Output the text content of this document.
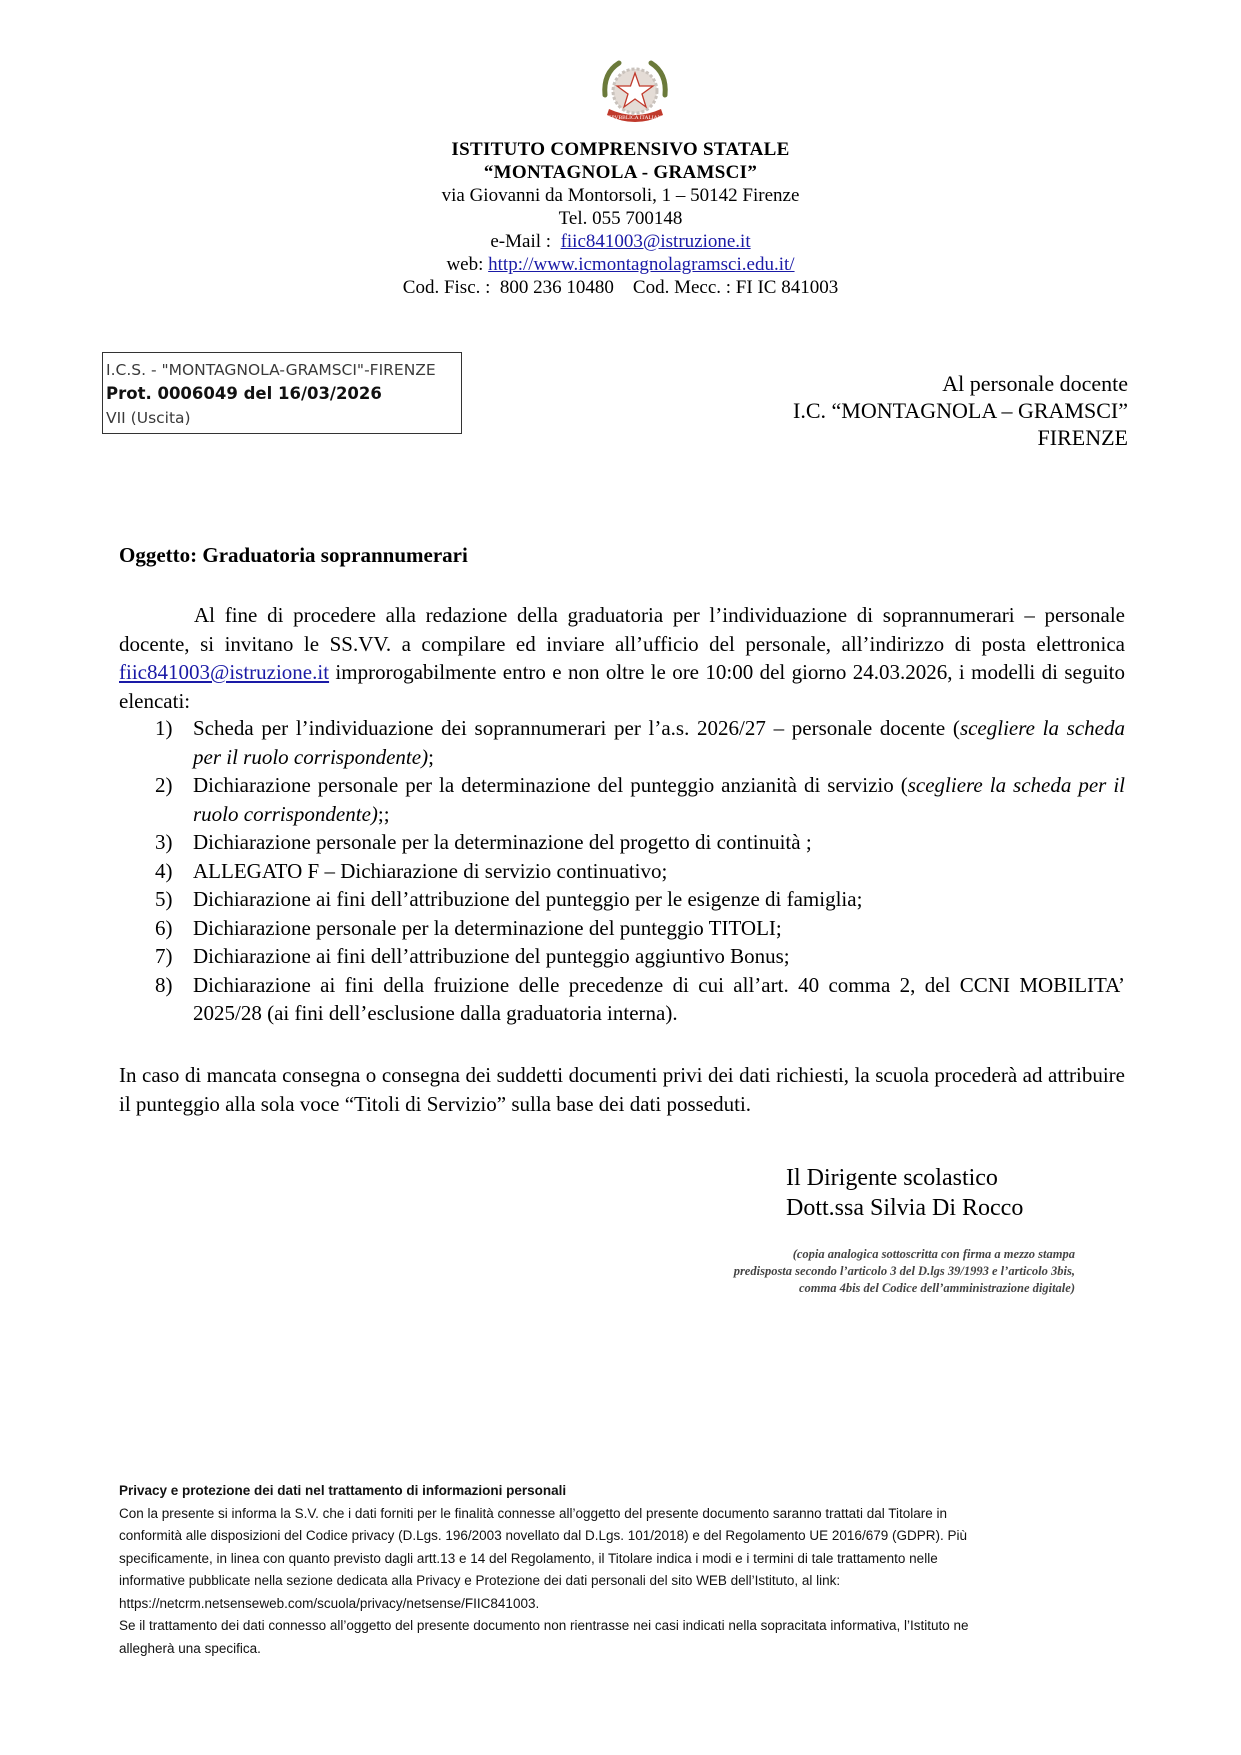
REPVBBLICA ITALIANA
ISTITUTO COMPRENSIVO STATALE
“MONTAGNOLA - GRAMSCI”
via Giovanni da Montorsoli, 1 – 50142 Firenze
Tel. 055 700148
e-Mail : fiic841003@istruzione.it
web: http://www.icmontagnolagramsci.edu.it/
Cod. Fisc. :  800 236 10480    Cod. Mecc. : FI IC 841003
I.C.S. - "MONTAGNOLA-GRAMSCI"-FIRENZE
Prot. 0006049 del 16/03/2026
VII (Uscita)
Al personale docente
I.C. “MONTAGNOLA – GRAMSCI”
FIRENZE
Oggetto: Graduatoria soprannumerari
Al fine di procedere alla redazione della graduatoria per l’individuazione di soprannumerari – personale docente, si invitano le SS.VV. a compilare ed inviare all’ufficio del personale, all’indirizzo di posta elettronica fiic841003@istruzione.it improrogabilmente entro e non oltre le ore 10:00 del giorno 24.03.2026, i modelli di seguito elencati:
1) Scheda per l’individuazione dei soprannumerari per l’a.s. 2026/27 – personale docente (scegliere la scheda per il ruolo corrispondente);
2) Dichiarazione personale per la determinazione del punteggio anzianità di servizio (scegliere la scheda per il ruolo corrispondente);;
3) Dichiarazione personale per la determinazione del progetto di continuità ;
4) ALLEGATO F – Dichiarazione di servizio continuativo;
5) Dichiarazione ai fini dell’attribuzione del punteggio per le esigenze di famiglia;
6) Dichiarazione personale per la determinazione del punteggio TITOLI;
7) Dichiarazione ai fini dell’attribuzione del punteggio aggiuntivo Bonus;
8) Dichiarazione ai fini della fruizione delle precedenze di cui all’art. 40 comma 2, del CCNI MOBILITA’ 2025/28 (ai fini dell’esclusione dalla graduatoria interna).
In caso di mancata consegna o consegna dei suddetti documenti privi dei dati richiesti, la scuola procederà ad attribuire il punteggio alla sola voce “Titoli di Servizio” sulla base dei dati posseduti.
Il Dirigente scolastico
Dott.ssa Silvia Di Rocco
(copia analogica sottoscritta con firma a mezzo stampa
predisposta secondo l’articolo 3 del D.lgs 39/1993 e l’articolo 3bis,
comma 4bis del Codice dell’amministrazione digitale)
Privacy e protezione dei dati nel trattamento di informazioni personali
Con la presente si informa la S.V. che i dati forniti per le finalità connesse all’oggetto del presente documento saranno trattati dal Titolare in
conformità alle disposizioni del Codice privacy (D.Lgs. 196/2003 novellato dal D.Lgs. 101/2018) e del Regolamento UE 2016/679 (GDPR). Più
specificamente, in linea con quanto previsto dagli artt.13 e 14 del Regolamento, il Titolare indica i modi e i termini di tale trattamento nelle
informative pubblicate nella sezione dedicata alla Privacy e Protezione dei dati personali del sito WEB dell’Istituto, al link:
https://netcrm.netsenseweb.com/scuola/privacy/netsense/FIIC841003.
Se il trattamento dei dati connesso all’oggetto del presente documento non rientrasse nei casi indicati nella sopracitata informativa, l’Istituto ne
allegherà una specifica.
